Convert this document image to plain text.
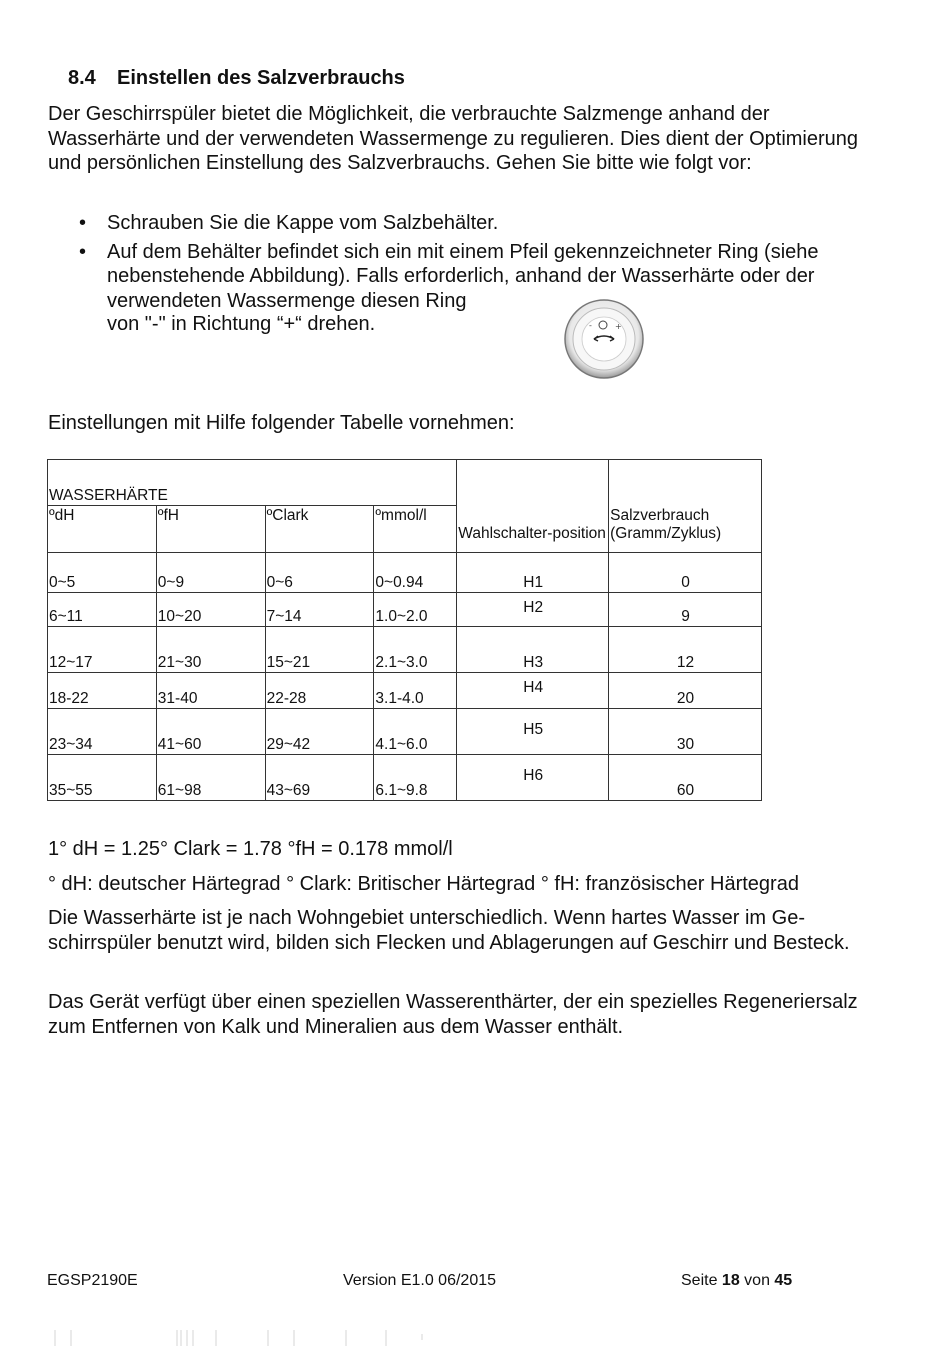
8.4 Einstellen des Salzverbrauchs
Der Geschirrspüler bietet die Möglichkeit, die verbrauchte Salzmenge anhand der Wasserhärte und der verwendeten Wassermenge zu regulieren. Dies dient der Optimierung und persönlichen Einstellung des Salzverbrauchs. Gehen Sie bitte wie folgt vor:
• Schrauben Sie die Kappe vom Salzbehälter.
• Auf dem Behälter befindet sich ein mit einem Pfeil gekennzeichneter Ring (siehe nebenstehende Abbildung). Falls erforderlich, anhand der Wasserhärte oder der verwendeten Wassermenge diesen Ring
von "-" in Richtung “+“ drehen.	-	+
Einstellungen mit Hilfe folgender Tabelle vornehmen:
WASSERHÄRTE				Wahlschalter-position	Salzverbrauch (Gramm/Zyklus)
ºdH	ºfH	ºClark	ºmmol/l		
0~5	0~9	0~6	0~0.94	H1	0
6~11	10~20	7~14	1.0~2.0	H2	9
12~17	21~30	15~21	2.1~3.0	H3	12
18-22	31-40	22-28	3.1-4.0	H4	20
23~34	41~60	29~42	4.1~6.0	H5	30
35~55	61~98	43~69	6.1~9.8	H6	60
1° dH = 1.25° Clark = 1.78 °fH = 0.178 mmol/l
° dH: deutscher Härtegrad ° Clark: Britischer Härtegrad ° fH: französischer Härtegrad
Die Wasserhärte ist je nach Wohngebiet unterschiedlich. Wenn hartes Wasser im Geschirrspüler benutzt wird, bilden sich Flecken und Ablagerungen auf Geschirr und Besteck.
Das Gerät verfügt über einen speziellen Wasserenthärter, der ein spezielles Regeneriersalz zum Entfernen von Kalk und Mineralien aus dem Wasser enthält.
EGSP2190E	Version E1.0 06/2015	Seite 18 von 45
